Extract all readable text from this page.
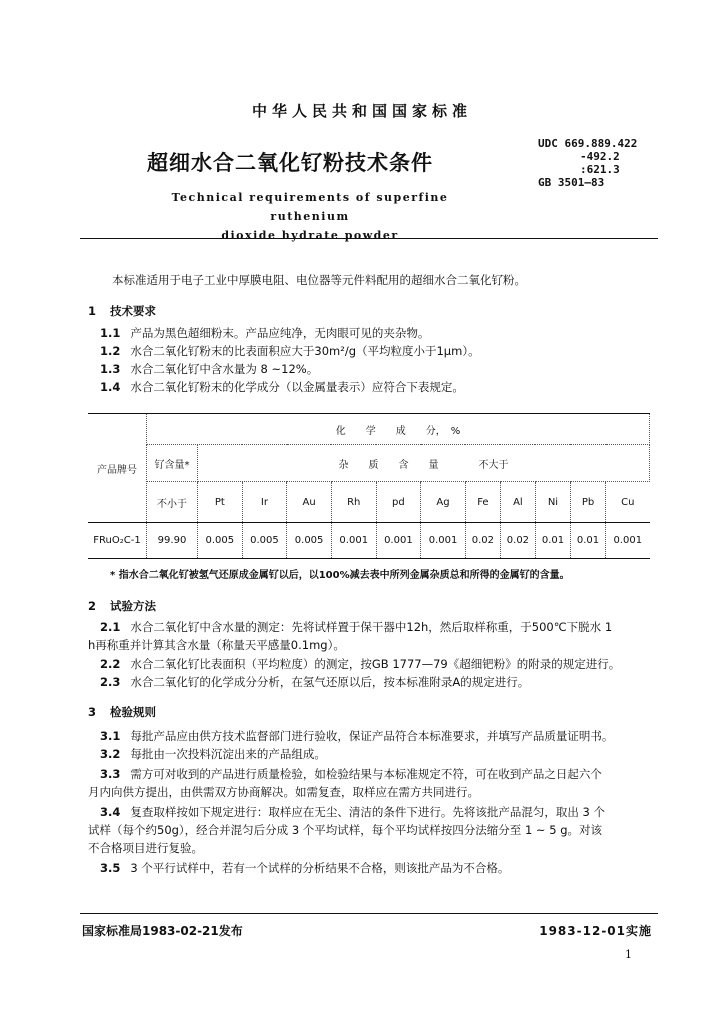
中华人民共和国国家标准
超细水合二氧化钌粉技术条件
Technical requirements of superfine ruthenium
dioxide hydrate powder
UDC 669.889.422
-492.2
:621.3
GB 3501—83
本标准适用于电子工业中厚膜电阻、电位器等元件料配用的超细水合二氧化钌粉。
1 技术要求
1.1 产品为黑色超细粉末。产品应纯净，无肉眼可见的夹杂物。
1.2 水合二氧化钌粉末的比表面积应大于30m²/g（平均粒度小于1μm）。
1.3 水合二氧化钌中含水量为 8 ~12%。
1.4 水合二氧化钌粉末的化学成分（以金属量表示）应符合下表规定。
产品牌号	化　　学　　成　　分，　%											
	钌含量*	杂　　质　　含　　量　　　　不大于										
	不小于	Pt	Ir	Au	Rh	pd	Ag	Fe	Al	Ni	Pb	Cu
FRuO₂C-1	99.90	0.005	0.005	0.005	0.001	0.001	0.001	0.02	0.02	0.01	0.01	0.001
* 指水合二氧化钌被氢气还原成金属钌以后，以100%减去表中所列金属杂质总和所得的金属钌的含量。
2 试验方法
2.1 水合二氧化钌中含水量的测定：先将试样置于保干器中12h，然后取样称重，于500℃下脱水 1
h再称重并计算其含水量（称量天平感量0.1mg）。
2.2 水合二氧化钌比表面积（平均粒度）的测定，按GB 1777—79《超细钯粉》的附录的规定进行。
2.3 水合二氧化钌的化学成分分析，在氢气还原以后，按本标准附录A的规定进行。
3 检验规则
3.1 每批产品应由供方技术监督部门进行验收，保证产品符合本标准要求，并填写产品质量证明书。
3.2 每批由一次投料沉淀出来的产品组成。
3.3 需方可对收到的产品进行质量检验，如检验结果与本标准规定不符，可在收到产品之日起六个
月内向供方提出，由供需双方协商解决。如需复查，取样应在需方共同进行。
3.4 复查取样按如下规定进行：取样应在无尘、清洁的条件下进行。先将该批产品混匀，取出 3 个
试样（每个约50g），经合并混匀后分成 3 个平均试样，每个平均试样按四分法缩分至 1 ~ 5 g。对该
不合格项目进行复验。
3.5 3 个平行试样中，若有一个试样的分析结果不合格，则该批产品为不合格。
国家标准局1983-02-21发布	1983-12-01实施
1
